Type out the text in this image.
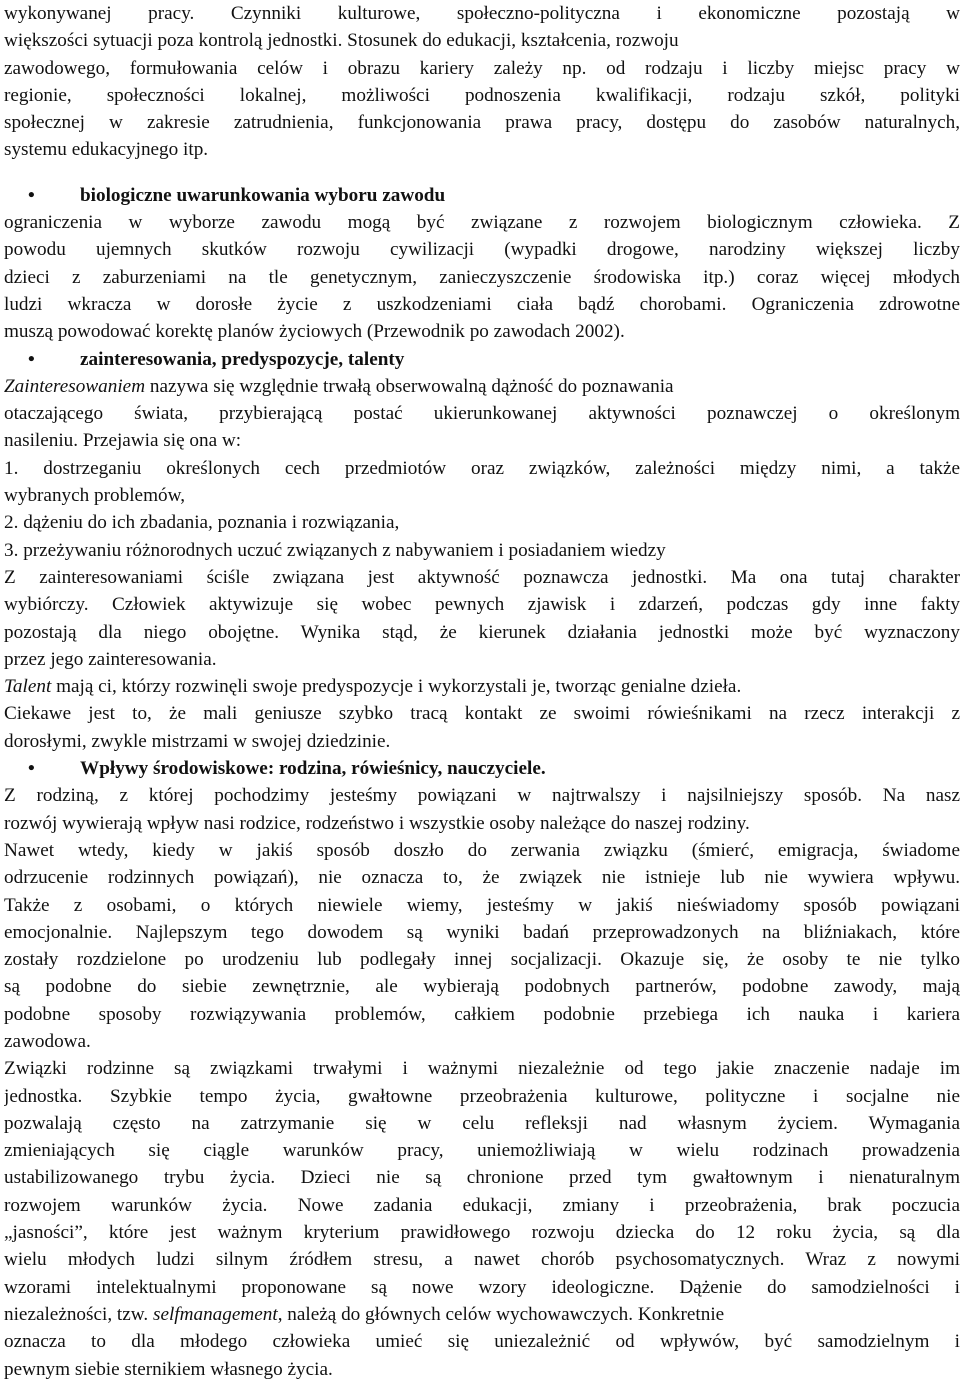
wykonywanej pracy. Czynniki kulturowe, społeczno-polityczna i ekonomiczne pozostają w
większości sytuacji poza kontrolą jednostki. Stosunek do edukacji, kształcenia, rozwoju
zawodowego, formułowania celów i obrazu kariery zależy np. od rodzaju i liczby miejsc pracy w
regionie, społeczności lokalnej, możliwości podnoszenia kwalifikacji, rodzaju szkół, polityki
społecznej w zakresie zatrudnienia, funkcjonowania prawa pracy, dostępu do zasobów naturalnych,
systemu edukacyjnego itp.
• biologiczne uwarunkowania wyboru zawodu
ograniczenia w wyborze zawodu mogą być związane z rozwojem biologicznym człowieka. Z
powodu ujemnych skutków rozwoju cywilizacji (wypadki drogowe, narodziny większej liczby
dzieci z zaburzeniami na tle genetycznym, zanieczyszczenie środowiska itp.) coraz więcej młodych
ludzi wkracza w dorosłe życie z uszkodzeniami ciała bądź chorobami. Ograniczenia zdrowotne
muszą powodować korektę planów życiowych (Przewodnik po zawodach 2002).
• zainteresowania, predyspozycje, talenty
Zainteresowaniem nazywa się względnie trwałą obserwowalną dążność do poznawania
otaczającego świata, przybierającą postać ukierunkowanej aktywności poznawczej o określonym
nasileniu. Przejawia się ona w:
1. dostrzeganiu określonych cech przedmiotów oraz związków, zależności między nimi, a także
wybranych problemów,
2. dążeniu do ich zbadania, poznania i rozwiązania,
3. przeżywaniu różnorodnych uczuć związanych z nabywaniem i posiadaniem wiedzy
Z zainteresowaniami ściśle związana jest aktywność poznawcza jednostki. Ma ona tutaj charakter
wybiórczy. Człowiek aktywizuje się wobec pewnych zjawisk i zdarzeń, podczas gdy inne fakty
pozostają dla niego obojętne. Wynika stąd, że kierunek działania jednostki może być wyznaczony
przez jego zainteresowania.
Talent mają ci, którzy rozwinęli swoje predyspozycje i wykorzystali je, tworząc genialne dzieła.
Ciekawe jest to, że mali geniusze szybko tracą kontakt ze swoimi rówieśnikami na rzecz interakcji z
dorosłymi, zwykle mistrzami w swojej dziedzinie.
• Wpływy środowiskowe: rodzina, rówieśnicy, nauczyciele.
Z rodziną, z której pochodzimy jesteśmy powiązani w najtrwalszy i najsilniejszy sposób. Na nasz
rozwój wywierają wpływ nasi rodzice, rodzeństwo i wszystkie osoby należące do naszej rodziny.
Nawet wtedy, kiedy w jakiś sposób doszło do zerwania związku (śmierć, emigracja, świadome
odrzucenie rodzinnych powiązań), nie oznacza to, że związek nie istnieje lub nie wywiera wpływu.
Także z osobami, o których niewiele wiemy, jesteśmy w jakiś nieświadomy sposób powiązani
emocjonalnie. Najlepszym tego dowodem są wyniki badań przeprowadzonych na bliźniakach, które
zostały rozdzielone po urodzeniu lub podlegały innej socjalizacji. Okazuje się, że osoby te nie tylko
są podobne do siebie zewnętrznie, ale wybierają podobnych partnerów, podobne zawody, mają
podobne sposoby rozwiązywania problemów, całkiem podobnie przebiega ich nauka i kariera
zawodowa.
Związki rodzinne są związkami trwałymi i ważnymi niezależnie od tego jakie znaczenie nadaje im
jednostka. Szybkie tempo życia, gwałtowne przeobrażenia kulturowe, polityczne i socjalne nie
pozwalają często na zatrzymanie się w celu refleksji nad własnym życiem. Wymagania
zmieniających się ciągle warunków pracy, uniemożliwiają w wielu rodzinach prowadzenia
ustabilizowanego trybu życia. Dzieci nie są chronione przed tym gwałtownym i nienaturalnym
rozwojem warunków życia. Nowe zadania edukacji, zmiany i przeobrażenia, brak poczucia
„jasności”, które jest ważnym kryterium prawidłowego rozwoju dziecka do 12 roku życia, są dla
wielu młodych ludzi silnym źródłem stresu, a nawet chorób psychosomatycznych. Wraz z nowymi
wzorami intelektualnymi proponowane są nowe wzory ideologiczne. Dążenie do samodzielności i
niezależności, tzw. selfmanagement, należą do głównych celów wychowawczych. Konkretnie
oznacza to dla młodego człowieka umieć się uniezależnić od wpływów, być samodzielnym i
pewnym siebie sternikiem własnego życia.
